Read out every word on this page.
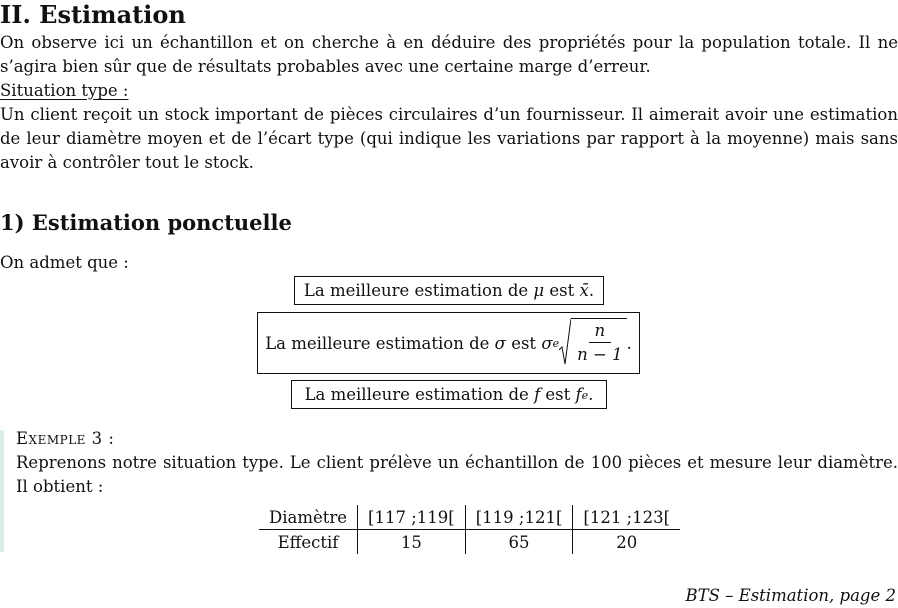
II. Estimation
On observe ici un échantillon et on cherche à en déduire des propriétés pour la population totale. Il ne
s’agira bien sûr que de résultats probables avec une certaine marge d’erreur.
Situation type :
Un client reçoit un stock important de pièces circulaires d’un fournisseur. Il aimerait avoir une estimation
de leur diamètre moyen et de l’écart type (qui indique les variations par rapport à la moyenne) mais sans
avoir à contrôler tout le stock.
1) Estimation ponctuelle
On admet que :
La meilleure estimation de
μ
est
x̄ .
La meilleure estimation de
σ
est
σ e $\frac{n}{n - 1}$ .
La meilleure estimation de
f
est
f e .
Exemple 3 :
Reprenons notre situation type. Le client prélève un échantillon de 100 pièces et mesure leur diamètre.
Il obtient :
Diamètre	[117 ;119[	[119 ;121[	[121 ;123[
Effectif	15	65	20
BTS – Estimation, page 2
